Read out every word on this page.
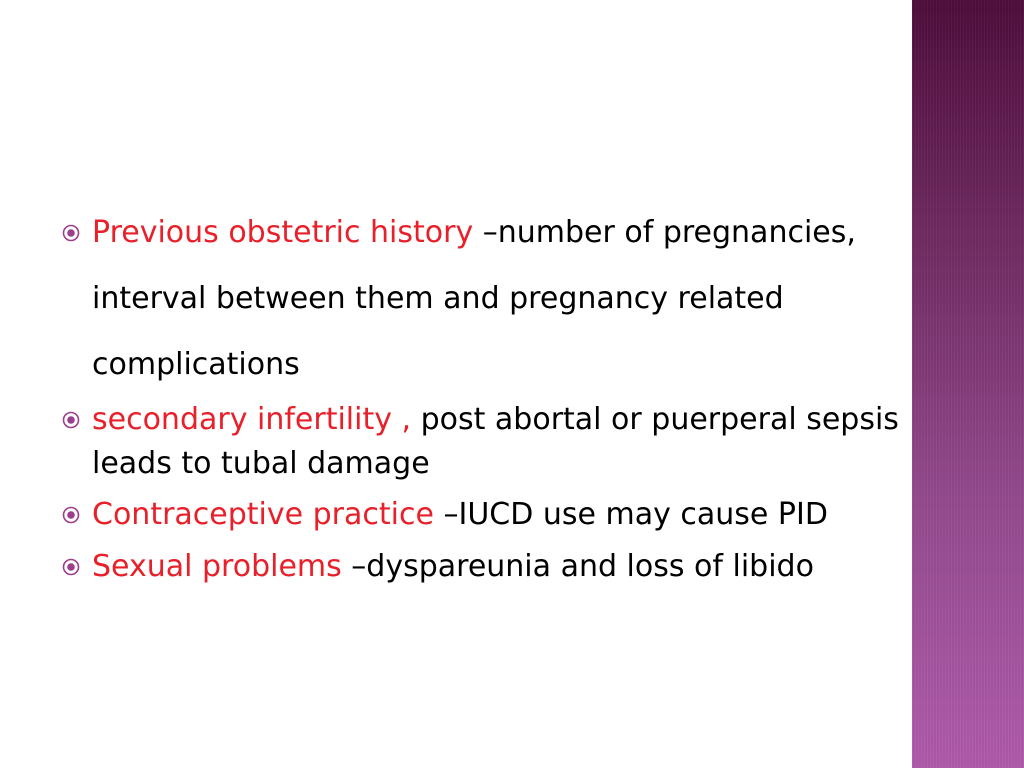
Previous obstetric history –number of pregnancies, interval between them and pregnancy related complications
secondary infertility , post abortal or puerperal sepsis leads to tubal damage
Contraceptive practice –IUCD use may cause PID
Sexual problems –dyspareunia and loss of libido
